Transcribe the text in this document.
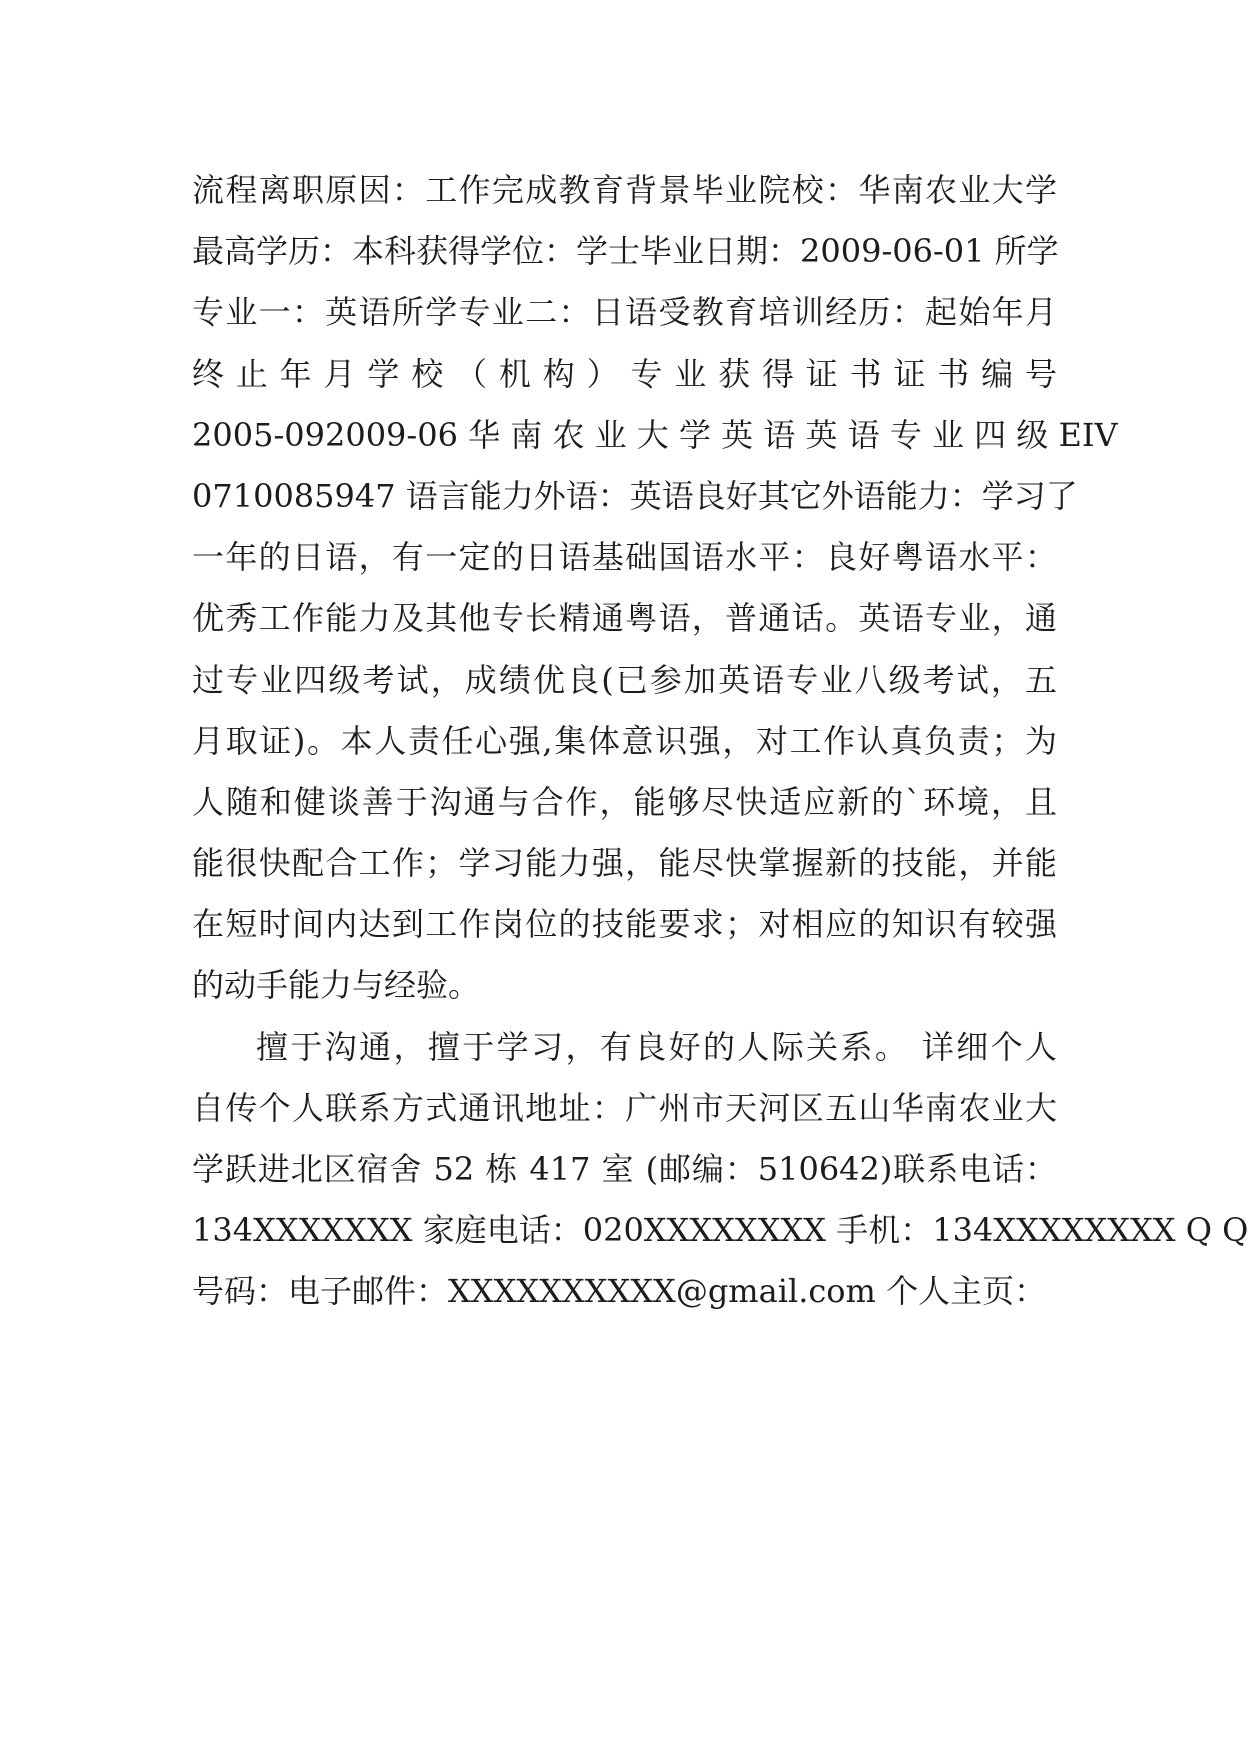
流程离职原因：工作完成教育背景毕业院校：华南农业大学
最高学历：本科获得学位：学士毕业日期：2009-06-01 所学
专业一：英语所学专业二：日语受教育培训经历：起始年月
终 止 年 月 学 校 （ 机 构 ） 专 业 获 得 证 书 证 书 编 号
2005-092009-06 华 南 农 业 大 学 英 语 英 语 专 业 四 级 EIV
0710085947 语言能力外语：英语良好其它外语能力：学习了
一年的日语，有一定的日语基础国语水平：良好粤语水平：
优秀工作能力及其他专长精通粤语，普通话。英语专业，通
过专业四级考试，成绩优良(已参加英语专业八级考试，五
月取证)。本人责任心强,集体意识强，对工作认真负责；为
人随和健谈善于沟通与合作，能够尽快适应新的`环境，且
能很快配合工作；学习能力强，能尽快掌握新的技能，并能
在短时间内达到工作岗位的技能要求；对相应的知识有较强
的动手能力与经验。
擅于沟通，擅于学习，有良好的人际关系。 详细个人
自传个人联系方式通讯地址：广州市天河区五山华南农业大
学跃进北区宿舍 52 栋 417 室 (邮编：510642)联系电话：
134XXXXXXX 家庭电话：020XXXXXXXX 手机：134XXXXXXXX Q Q
号码：电子邮件：XXXXXXXXXX@gmail.com 个人主页：
